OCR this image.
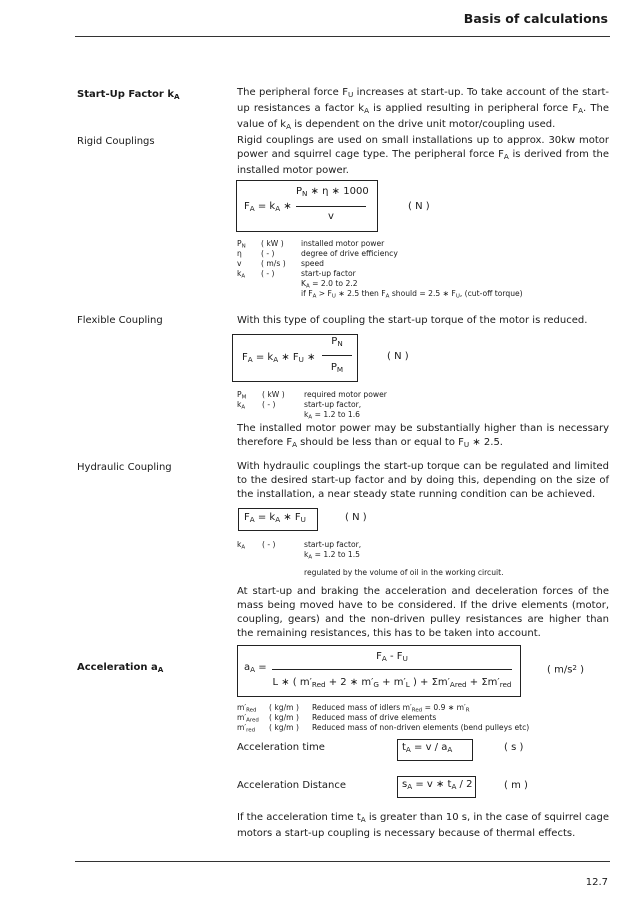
Basis of calculations
Start-Up Factor $k_A$	The peripheral force $F_U$ increases at start-up. To take account of the start-up resistances a factor $k_A$ is applied resulting in peripheral force $F_A$. The value of $k_A$ is dependent on the drive unit motor/coupling used.
Rigid Couplings	Rigid couplings are used on small installations up to approx. 30kw motor power and squirrel cage type. The peripheral force $F_A$ is derived from the installed motor power.
$F_A = k_A$ ∗
$P_N$ ∗ η ∗ 1000
v
( N )
$P_N$ ( kW ) installed motor power
η	( - )	degree of drive efficiency
v	( m/s ) speed
$k_A$ ( - )	start-up factor
$K_A = 2.0$ to 2.2
if $F_A > F_U$ ∗ 2.5 then $F_A$ should = 2.5 ∗ $F_U$, (cut-off torque)
Flexible Coupling	With this type of coupling the start-up torque of the motor is reduced.
$F_A = k_A$ ∗ $F_U$ ∗
$P_N$
$P_M$
( N )
$P_M$ ( kW )	required motor power
$k_A$ ( - )	start-up factor,
$k_A = 1.2$ to 1.6
The installed motor power may be substantially higher than is necessary therefore $F_A$ should be less than or equal to $F_U$ ∗ 2.5.
Hydraulic Coupling	With hydraulic couplings the start-up torque can be regulated and limited to the desired start-up factor and by doing this, depending on the size of the installation, a near steady state running condition can be achieved.
$F_A = k_A$ ∗ $F_U$	( N )
$k_A$ ( - )	start-up factor,
$k_A = 1.2$ to 1.5
regulated by the volume of oil in the working circuit.
At start-up and braking the acceleration and deceleration forces of the mass being moved have to be considered. If the drive elements (motor, coupling, gears) and the non-driven pulley resistances are higher than the remaining resistances, this has to be taken into account.
Acceleration $a_A$	$a_A$ =
$F_A - F_U$
L ∗ ( $m'_{Red} + 2$ ∗ $m'_G + m'_L$ ) + $\Sigma m'_{Ared} + \Sigma m'_{red}$
( $m/s^2$ )
$m'_{Red}$ ( kg/m ) Reduced mass of idlers $m'_{Red} = 0.9$ ∗ $m'_R$
$m'_{Ared}$ ( kg/m ) Reduced mass of drive elements
$m'_{red}$ ( kg/m ) Reduced mass of non-driven elements (bend pulleys etc)
Acceleration time	$t_A = v / a_A$	( s )
Acceleration Distance	$s_A = v$ ∗ $t_A / 2$	( m )
If the acceleration time $t_A$ is greater than 10 s, in the case of squirrel cage motors a start-up coupling is necessary because of thermal effects.
12.7
